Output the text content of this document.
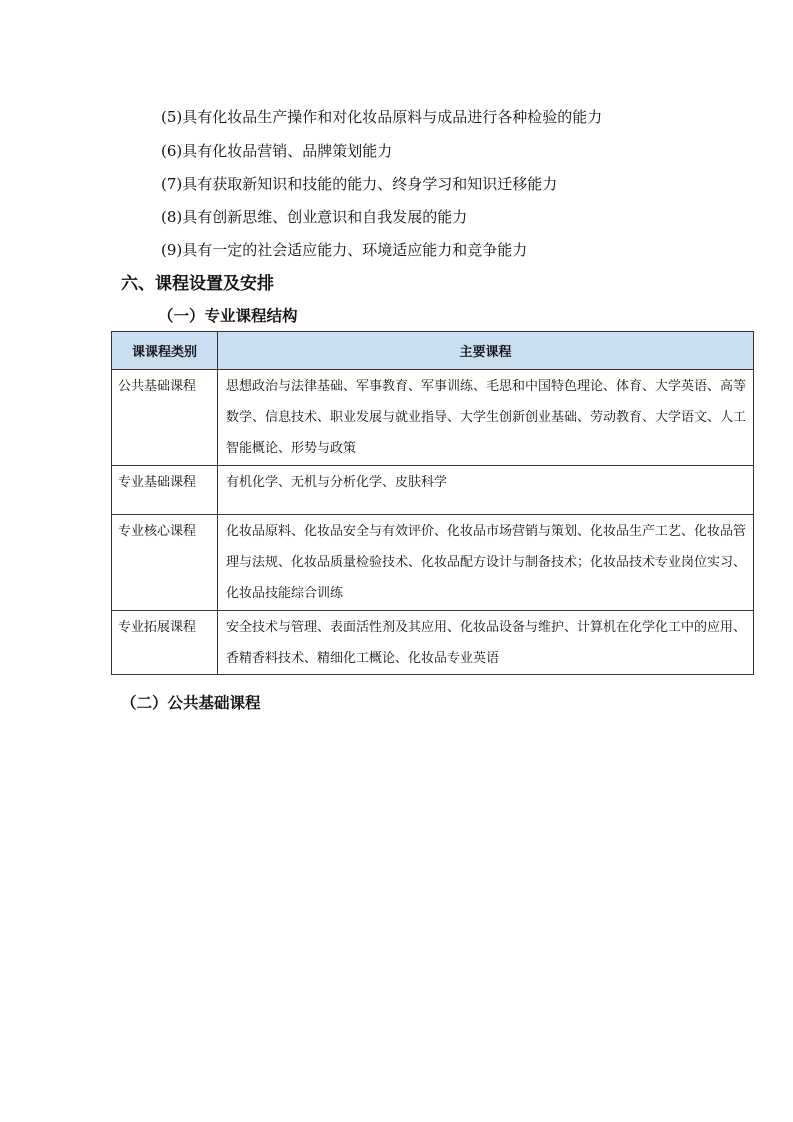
(5)具有化妆品生产操作和对化妆品原料与成品进行各种检验的能力
(6)具有化妆品营销、品牌策划能力
(7)具有获取新知识和技能的能力、终身学习和知识迁移能力
(8)具有创新思维、创业意识和自我发展的能力
(9)具有一定的社会适应能力、环境适应能力和竞争能力
六、课程设置及安排
（一）专业课程结构
课课程类别	主要课程
公共基础课程	思想政治与法律基础、军事教育、军事训练、毛思和中国特色理论、体育、大学英语、高等数学、信息技术、职业发展与就业指导、大学生创新创业基础、劳动教育、大学语文、人工智能概论、形势与政策
专业基础课程	有机化学、无机与分析化学、皮肤科学
专业核心课程	化妆品原料、化妆品安全与有效评价、化妆品市场营销与策划、化妆品生产工艺、化妆品管理与法规、化妆品质量检验技术、化妆品配方设计与制备技术；化妆品技术专业岗位实习、化妆品技能综合训练
专业拓展课程	安全技术与管理、表面活性剂及其应用、化妆品设备与维护、计算机在化学化工中的应用、香精香料技术、精细化工概论、化妆品专业英语
（二）公共基础课程
